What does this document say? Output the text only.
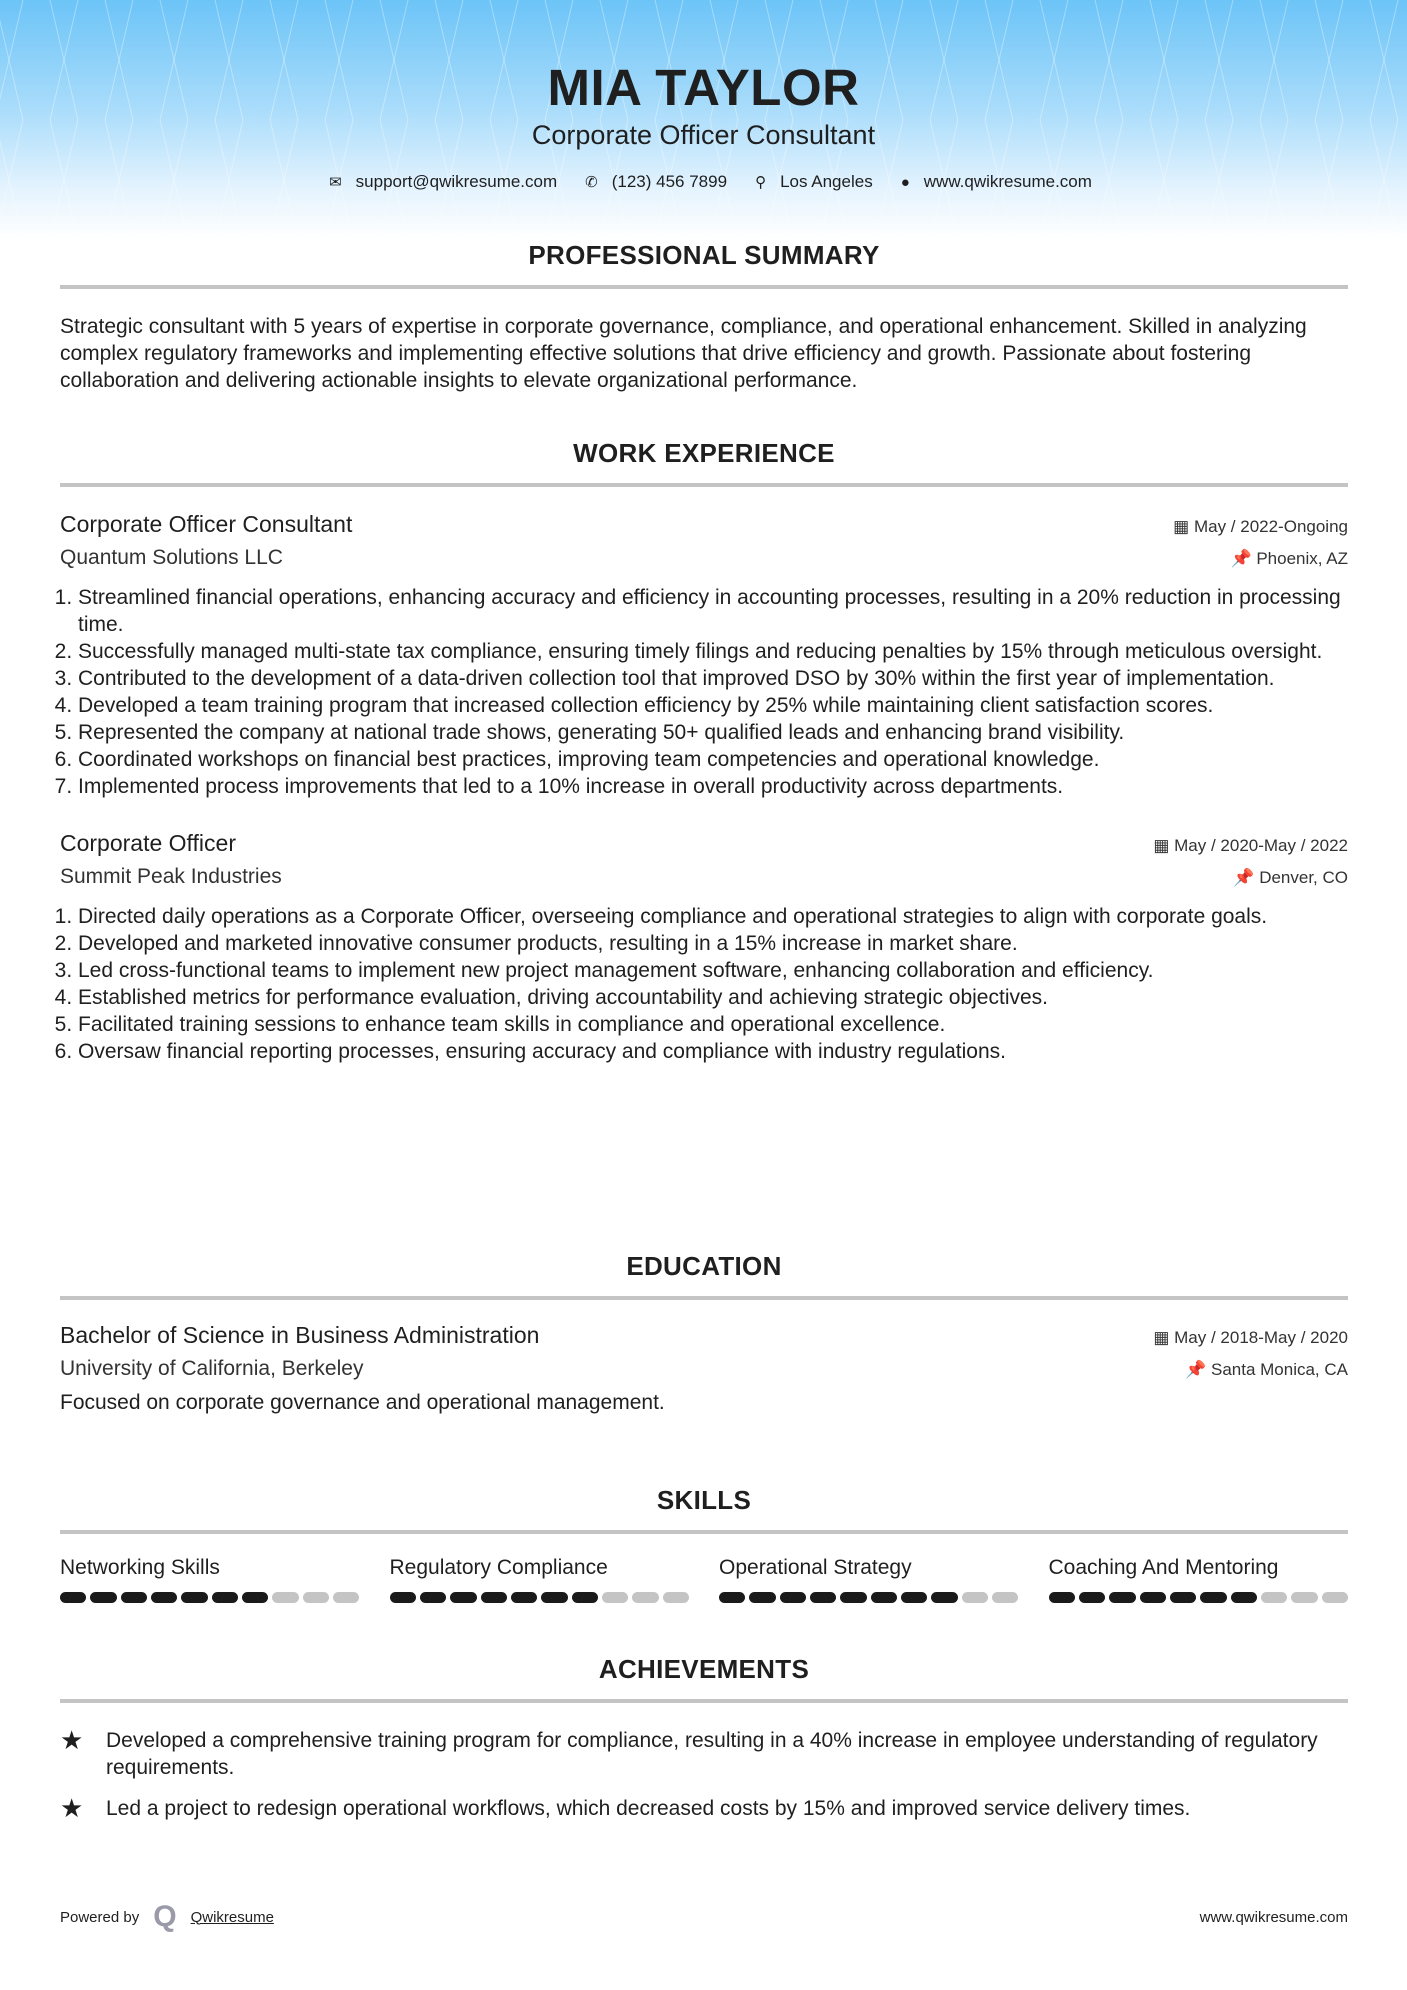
MIA TAYLOR
Corporate Officer Consultant
✉ support@qwikresume.com ✆ (123) 456 7899 ⚲ Los Angeles ● www.qwikresume.com
PROFESSIONAL SUMMARY
Strategic consultant with 5 years of expertise in corporate governance, compliance, and operational enhancement. Skilled in analyzing complex regulatory frameworks and implementing effective solutions that drive efficiency and growth. Passionate about fostering collaboration and delivering actionable insights to elevate organizational performance.
WORK EXPERIENCE
Corporate Officer Consultant	▦ May / 2022-Ongoing
Quantum Solutions LLC	📌 Phoenix, AZ
1. Streamlined financial operations, enhancing accuracy and efficiency in accounting processes, resulting in a 20% reduction in processing time.
2. Successfully managed multi-state tax compliance, ensuring timely filings and reducing penalties by 15% through meticulous oversight.
3. Contributed to the development of a data-driven collection tool that improved DSO by 30% within the first year of implementation.
4. Developed a team training program that increased collection efficiency by 25% while maintaining client satisfaction scores.
5. Represented the company at national trade shows, generating 50+ qualified leads and enhancing brand visibility.
6. Coordinated workshops on financial best practices, improving team competencies and operational knowledge.
7. Implemented process improvements that led to a 10% increase in overall productivity across departments.
Corporate Officer	▦ May / 2020-May / 2022
Summit Peak Industries	📌 Denver, CO
1. Directed daily operations as a Corporate Officer, overseeing compliance and operational strategies to align with corporate goals.
2. Developed and marketed innovative consumer products, resulting in a 15% increase in market share.
3. Led cross-functional teams to implement new project management software, enhancing collaboration and efficiency.
4. Established metrics for performance evaluation, driving accountability and achieving strategic objectives.
5. Facilitated training sessions to enhance team skills in compliance and operational excellence.
6. Oversaw financial reporting processes, ensuring accuracy and compliance with industry regulations.
EDUCATION
Bachelor of Science in Business Administration	▦ May / 2018-May / 2020
University of California, Berkeley	📌 Santa Monica, CA
Focused on corporate governance and operational management.
SKILLS
Networking Skills	Regulatory Compliance	Operational Strategy	Coaching And Mentoring
ACHIEVEMENTS
★	Developed a comprehensive training program for compliance, resulting in a 40% increase in employee understanding of regulatory requirements.
★	Led a project to redesign operational workflows, which decreased costs by 15% and improved service delivery times.
Powered by Q Qwikresume	www.qwikresume.com
